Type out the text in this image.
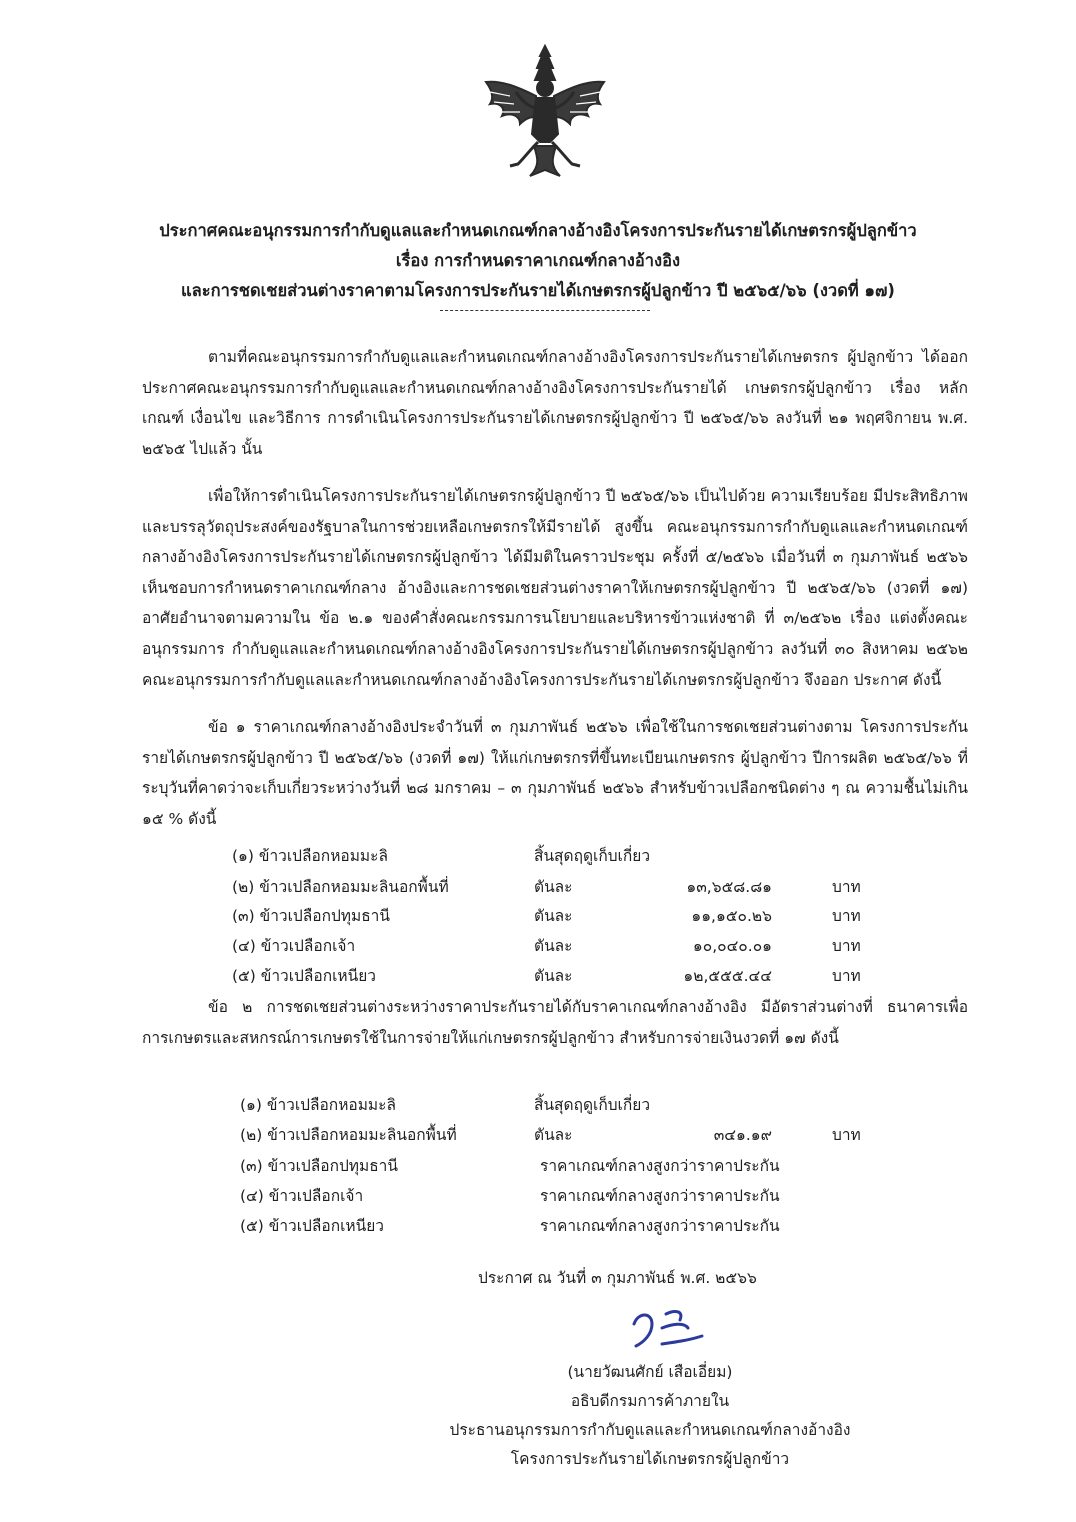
ประกาศคณะอนุกรรมการกำกับดูแลและกำหนดเกณฑ์กลางอ้างอิงโครงการประกันรายได้เกษตรกรผู้ปลูกข้าว
เรื่อง การกำหนดราคาเกณฑ์กลางอ้างอิง
และการชดเชยส่วนต่างราคาตามโครงการประกันรายได้เกษตรกรผู้ปลูกข้าว ปี ๒๕๖๕/๖๖ (งวดที่ ๑๗)
ตามที่คณะอนุกรรมการกำกับดูแลและกำหนดเกณฑ์กลางอ้างอิงโครงการประกันรายได้เกษตรกร ผู้ปลูกข้าว ได้ออกประกาศคณะอนุกรรมการกำกับดูแลและกำหนดเกณฑ์กลางอ้างอิงโครงการประกันรายได้ เกษตรกรผู้ปลูกข้าว เรื่อง หลักเกณฑ์ เงื่อนไข และวิธีการ การดำเนินโครงการประกันรายได้เกษตรกรผู้ปลูกข้าว ปี ๒๕๖๕/๖๖ ลงวันที่ ๒๑ พฤศจิกายน พ.ศ. ๒๕๖๕ ไปแล้ว นั้น
เพื่อให้การดำเนินโครงการประกันรายได้เกษตรกรผู้ปลูกข้าว ปี ๒๕๖๕/๖๖ เป็นไปด้วย ความเรียบร้อย มีประสิทธิภาพ และบรรลุวัตถุประสงค์ของรัฐบาลในการช่วยเหลือเกษตรกรให้มีรายได้ สูงขึ้น คณะอนุกรรมการกำกับดูแลและกำหนดเกณฑ์กลางอ้างอิงโครงการประกันรายได้เกษตรกรผู้ปลูกข้าว ได้มีมติในคราวประชุม ครั้งที่ ๕/๒๕๖๖ เมื่อวันที่ ๓ กุมภาพันธ์ ๒๕๖๖ เห็นชอบการกำหนดราคาเกณฑ์กลาง อ้างอิงและการชดเชยส่วนต่างราคาให้เกษตรกรผู้ปลูกข้าว ปี ๒๕๖๕/๖๖ (งวดที่ ๑๗) อาศัยอำนาจตามความใน ข้อ ๒.๑ ของคำสั่งคณะกรรมการนโยบายและบริหารข้าวแห่งชาติ ที่ ๓/๒๕๖๒ เรื่อง แต่งตั้งคณะอนุกรรมการ กำกับดูแลและกำหนดเกณฑ์กลางอ้างอิงโครงการประกันรายได้เกษตรกรผู้ปลูกข้าว ลงวันที่ ๓๐ สิงหาคม ๒๕๖๒ คณะอนุกรรมการกำกับดูแลและกำหนดเกณฑ์กลางอ้างอิงโครงการประกันรายได้เกษตรกรผู้ปลูกข้าว จึงออก ประกาศ ดังนี้
ข้อ ๑ ราคาเกณฑ์กลางอ้างอิงประจำวันที่ ๓ กุมภาพันธ์ ๒๕๖๖ เพื่อใช้ในการชดเชยส่วนต่างตาม โครงการประกันรายได้เกษตรกรผู้ปลูกข้าว ปี ๒๕๖๕/๖๖ (งวดที่ ๑๗) ให้แก่เกษตรกรที่ขึ้นทะเบียนเกษตรกร ผู้ปลูกข้าว ปีการผลิต ๒๕๖๕/๖๖ ที่ระบุวันที่คาดว่าจะเก็บเกี่ยวระหว่างวันที่ ๒๘ มกราคม – ๓ กุมภาพันธ์ ๒๕๖๖ สำหรับข้าวเปลือกชนิดต่าง ๆ ณ ความชื้นไม่เกิน ๑๕ % ดังนี้
(๑) ข้าวเปลือกหอมมะลิ	สิ้นสุดฤดูเก็บเกี่ยว
(๒) ข้าวเปลือกหอมมะลินอกพื้นที่	ตันละ	๑๓,๖๕๘.๘๑	บาท
(๓) ข้าวเปลือกปทุมธานี	ตันละ	๑๑,๑๕๐.๒๖	บาท
(๔) ข้าวเปลือกเจ้า	ตันละ	๑๐,๐๔๐.๐๑	บาท
(๕) ข้าวเปลือกเหนียว	ตันละ	๑๒,๕๕๕.๔๔	บาท
ข้อ ๒ การชดเชยส่วนต่างระหว่างราคาประกันรายได้กับราคาเกณฑ์กลางอ้างอิง มีอัตราส่วนต่างที่ ธนาคารเพื่อการเกษตรและสหกรณ์การเกษตรใช้ในการจ่ายให้แก่เกษตรกรผู้ปลูกข้าว สำหรับการจ่ายเงินงวดที่ ๑๗ ดังนี้
(๑) ข้าวเปลือกหอมมะลิ	สิ้นสุดฤดูเก็บเกี่ยว
(๒) ข้าวเปลือกหอมมะลินอกพื้นที่	ตันละ	๓๔๑.๑๙	บาท
(๓) ข้าวเปลือกปทุมธานี	ราคาเกณฑ์กลางสูงกว่าราคาประกัน
(๔) ข้าวเปลือกเจ้า	ราคาเกณฑ์กลางสูงกว่าราคาประกัน
(๕) ข้าวเปลือกเหนียว	ราคาเกณฑ์กลางสูงกว่าราคาประกัน
ประกาศ ณ วันที่ ๓ กุมภาพันธ์ พ.ศ. ๒๕๖๖
(นายวัฒนศักย์ เสือเอี่ยม)
อธิบดีกรมการค้าภายใน
ประธานอนุกรรมการกำกับดูแลและกำหนดเกณฑ์กลางอ้างอิง
โครงการประกันรายได้เกษตรกรผู้ปลูกข้าว
